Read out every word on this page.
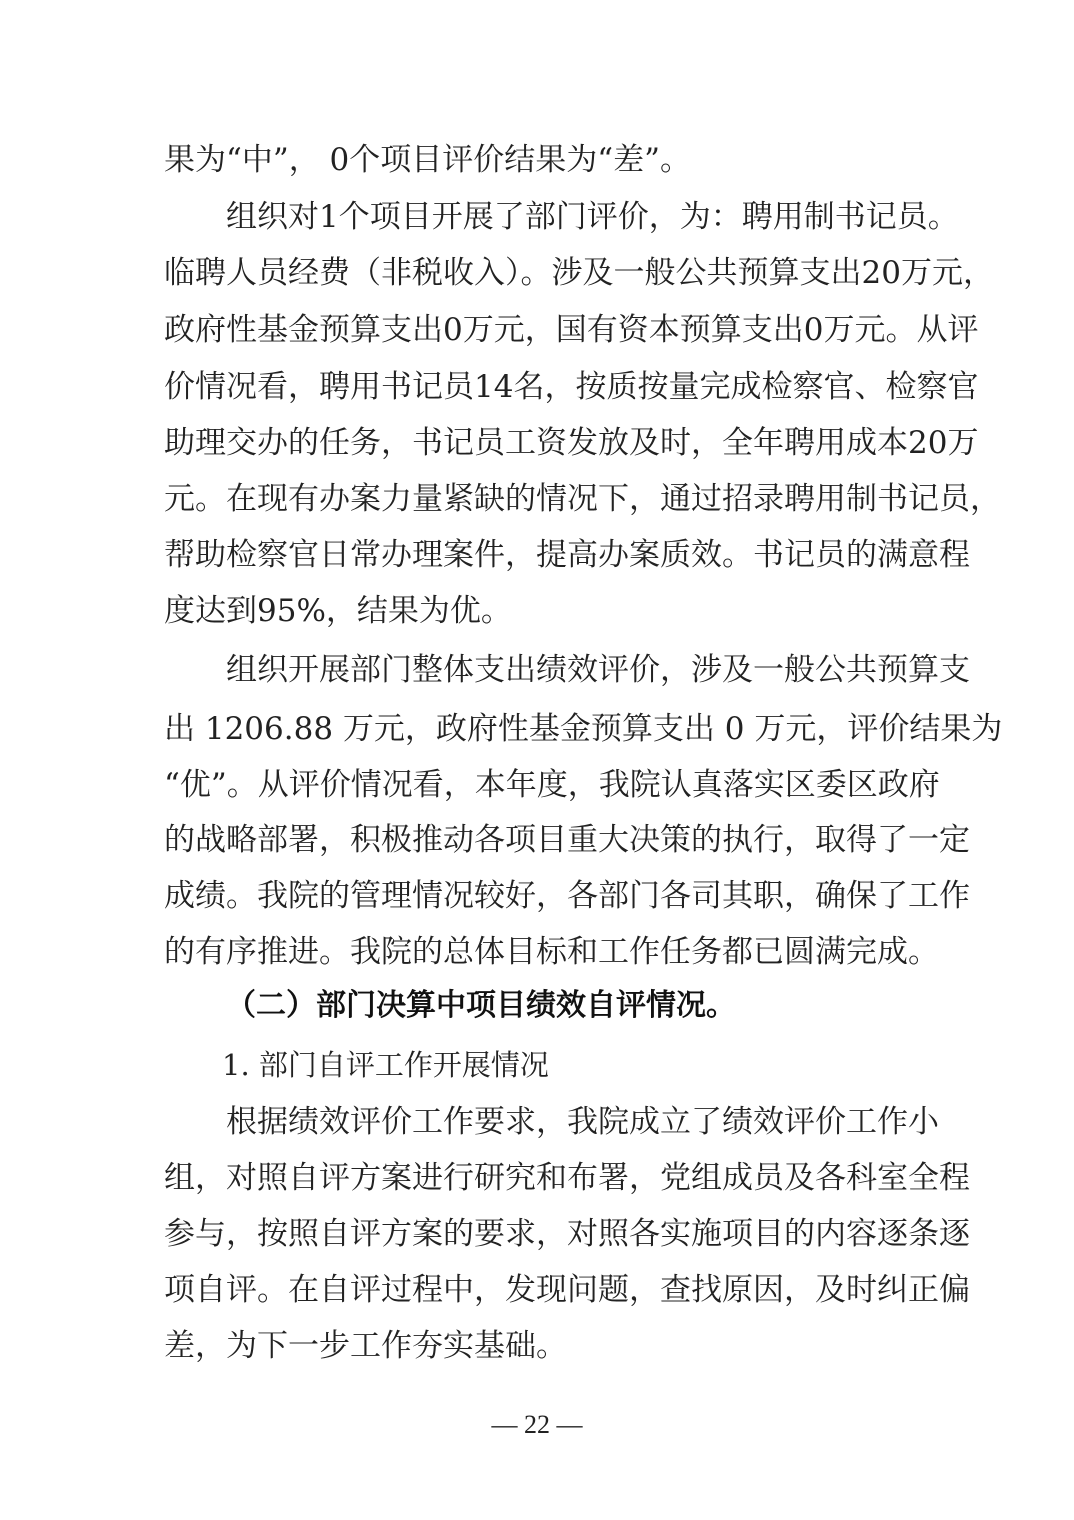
果为“中”， 0个项目评价结果为“差”。
组织对1个项目开展了部门评价，为：聘用制书记员。
临聘人员经费（非税收入）。涉及一般公共预算支出20万元，
政府性基金预算支出0万元，国有资本预算支出0万元。从评
价情况看，聘用书记员14名，按质按量完成检察官、检察官
助理交办的任务，书记员工资发放及时，全年聘用成本20万
元。在现有办案力量紧缺的情况下，通过招录聘用制书记员，
帮助检察官日常办理案件，提高办案质效。书记员的满意程
度达到95%，结果为优。
组织开展部门整体支出绩效评价，涉及一般公共预算支
出 1206.88 万元，政府性基金预算支出 0 万元，评价结果为
“优”。从评价情况看，本年度，我院认真落实区委区政府
的战略部署，积极推动各项目重大决策的执行，取得了一定
成绩。我院的管理情况较好，各部门各司其职，确保了工作
的有序推进。我院的总体目标和工作任务都已圆满完成。
（二）部门决算中项目绩效自评情况。
1. 部门自评工作开展情况
根据绩效评价工作要求，我院成立了绩效评价工作小
组，对照自评方案进行研究和布署，党组成员及各科室全程
参与，按照自评方案的要求，对照各实施项目的内容逐条逐
项自评。在自评过程中，发现问题，查找原因，及时纠正偏
差，为下一步工作夯实基础。
— 22 —
